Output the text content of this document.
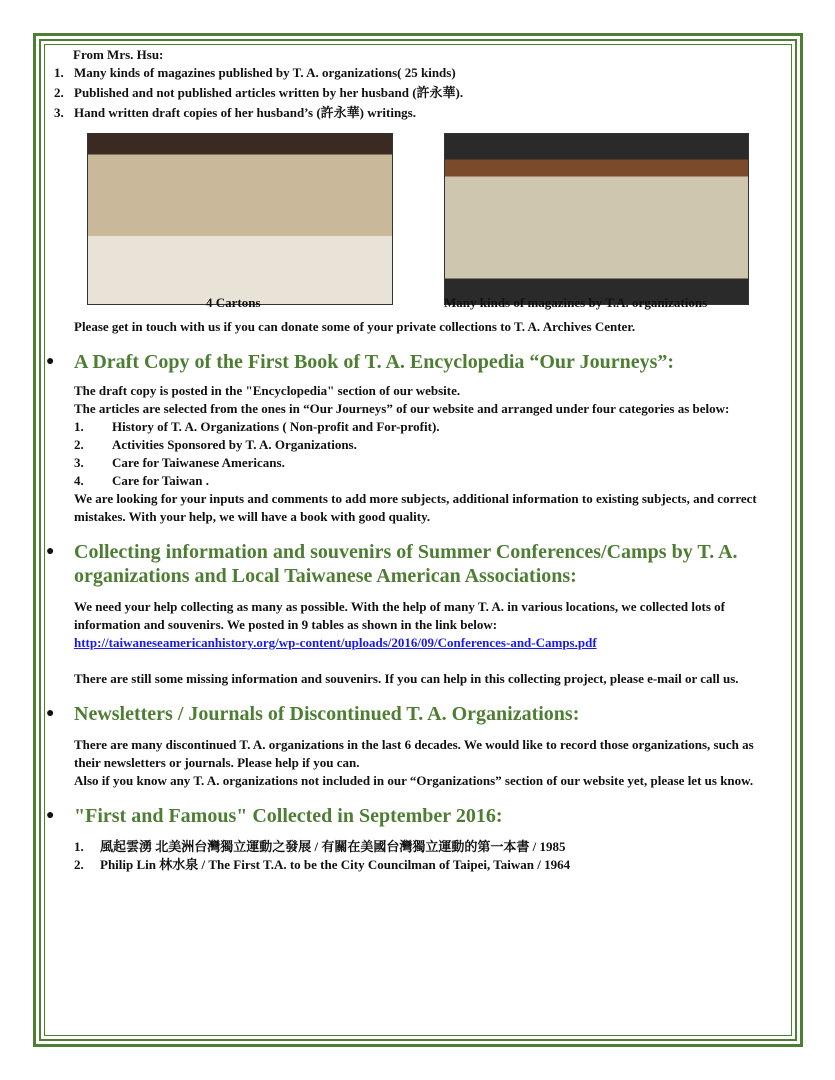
From Mrs. Hsu:
1. Many kinds of magazines published by T. A. organizations( 25 kinds)
2. Published and not published articles written by her husband (許永華).
3. Hand written draft copies of her husband’s (許永華) writings.
4 Cartons	Many kinds of magazines by T.A. organizations
Please get in touch with us if you can donate some of your private collections to T. A. Archives Center.
● A Draft Copy of the First Book of T. A. Encyclopedia “Our Journeys”:
The draft copy is posted in the "Encyclopedia" section of our website.
The articles are selected from the ones in “Our Journeys” of our website and arranged under four categories as below:
1.	History of T. A. Organizations ( Non-profit and For-profit).
2.	Activities Sponsored by T. A. Organizations.
3.	Care for Taiwanese Americans.
4.	Care for Taiwan .
We are looking for your inputs and comments to add more subjects, additional information to existing subjects, and correct mistakes. With your help, we will have a book with good quality.
● Collecting information and souvenirs of Summer Conferences/Camps by T. A. organizations and Local Taiwanese American Associations:
We need your help collecting as many as possible. With the help of many T. A. in various locations, we collected lots of information and souvenirs. We posted in 9 tables as shown in the link below:
http://taiwaneseamericanhistory.org/wp-content/uploads/2016/09/Conferences-and-Camps.pdf
There are still some missing information and souvenirs. If you can help in this collecting project, please e-mail or call us.
● Newsletters / Journals of Discontinued T. A. Organizations:
There are many discontinued T. A. organizations in the last 6 decades. We would like to record those organizations, such as their newsletters or journals. Please help if you can.
Also if you know any T. A. organizations not included in our “Organizations” section of our website yet, please let us know.
● "First and Famous" Collected in September 2016:
1.	風起雲湧 北美洲台灣獨立運動之發展 / 有關在美國台灣獨立運動的第一本書 / 1985
2.	Philip Lin 林水泉 / The First T.A. to be the City Councilman of Taipei, Taiwan / 1964
